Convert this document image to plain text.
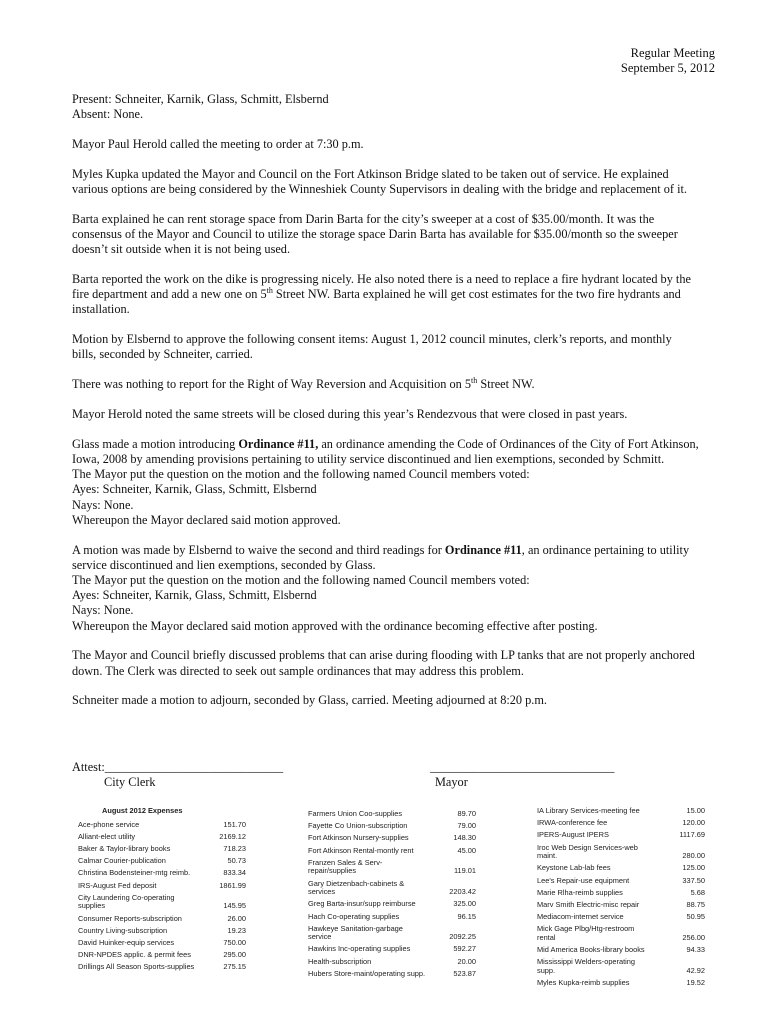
Regular Meeting
September 5, 2012

Present: Schneiter, Karnik, Glass, Schmitt, Elsbernd
Absent: None.

Mayor Paul Herold called the meeting to order at 7:30 p.m.

Myles Kupka updated the Mayor and Council on the Fort Atkinson Bridge slated to be taken out of service. He explained
various options are being considered by the Winneshiek County Supervisors in dealing with the bridge and replacement of it.

Barta explained he can rent storage space from Darin Barta for the city’s sweeper at a cost of $35.00/month. It was the
consensus of the Mayor and Council to utilize the storage space Darin Barta has available for $35.00/month so the sweeper
doesn’t sit outside when it is not being used.

Barta reported the work on the dike is progressing nicely. He also noted there is a need to replace a fire hydrant located by the
fire department and add a new one on 5th Street NW. Barta explained he will get cost estimates for the two fire hydrants and
installation.

Motion by Elsbernd to approve the following consent items: August 1, 2012 council minutes, clerk’s reports, and monthly
bills, seconded by Schneiter, carried.

There was nothing to report for the Right of Way Reversion and Acquisition on 5th Street NW.

Mayor Herold noted the same streets will be closed during this year’s Rendezvous that were closed in past years.

Glass made a motion introducing Ordinance #11, an ordinance amending the Code of Ordinances of the City of Fort Atkinson,
Iowa, 2008 by amending provisions pertaining to utility service discontinued and lien exemptions, seconded by Schmitt.
The Mayor put the question on the motion and the following named Council members voted:
Ayes: Schneiter, Karnik, Glass, Schmitt, Elsbernd
Nays: None.
Whereupon the Mayor declared said motion approved.

A motion was made by Elsbernd to waive the second and third readings for Ordinance #11, an ordinance pertaining to utility
service discontinued and lien exemptions, seconded by Glass.
The Mayor put the question on the motion and the following named Council members voted:
Ayes: Schneiter, Karnik, Glass, Schmitt, Elsbernd
Nays: None.
Whereupon the Mayor declared said motion approved with the ordinance becoming effective after posting.

The Mayor and Council briefly discussed problems that can arise during flooding with LP tanks that are not properly anchored
down. The Clerk was directed to seek out sample ordinances that may address this problem.

Schneiter made a motion to adjourn, seconded by Glass, carried. Meeting adjourned at 8:20 p.m.

Attest:_____________________________
City Clerk
______________________________
Mayor
August 2012 Expenses
Ace-phone service	151.70
Alliant-elect utility	2169.12
Baker & Taylor-library books	718.23
Calmar Courier-publication	50.73
Christina Bodensteiner-mtg reimb.	833.34
IRS-August Fed deposit	1861.99
City Laundering Co-operating supplies	145.95
Consumer Reports-subscription	26.00
Country Living-subscription	19.23
David Huinker-equip services	750.00
DNR-NPDES applic. & permit fees	295.00
Drillings All Season Sports-supplies	275.15
Farmers Union Coo-supplies	89.70
Fayette Co Union-subscription	79.00
Fort Atkinson Nursery-supplies	148.30
Fort Atkinson Rental-montly rent	45.00
Franzen Sales & Serv-repair/supplies	119.01
Gary Dietzenbach-cabinets & services	2203.42
Greg Barta-insur/supp reimburse	325.00
Hach Co-operating supplies	96.15
Hawkeye Sanitation-garbage service	2092.25
Hawkins Inc-operating supplies	592.27
Health-subscription	20.00
Hubers Store-maint/operating supp.	523.87
IA Library Services-meeting fee	15.00
IRWA-conference fee	120.00
IPERS-August IPERS	1117.69
Iroc Web Design Services-web maint.	280.00
Keystone Lab-lab fees	125.00
Lee's Repair-use equipment	337.50
Marie Rlha-reimb supplies	5.68
Marv Smith Electric-misc repair	88.75
Mediacom-internet service	50.95
Mick Gage Plbg/Htg-restroom rental	256.00
Mid America Books-library books	94.33
Mississippi Welders-operating supp.	42.92
Myles Kupka-reimb supplies	19.52
